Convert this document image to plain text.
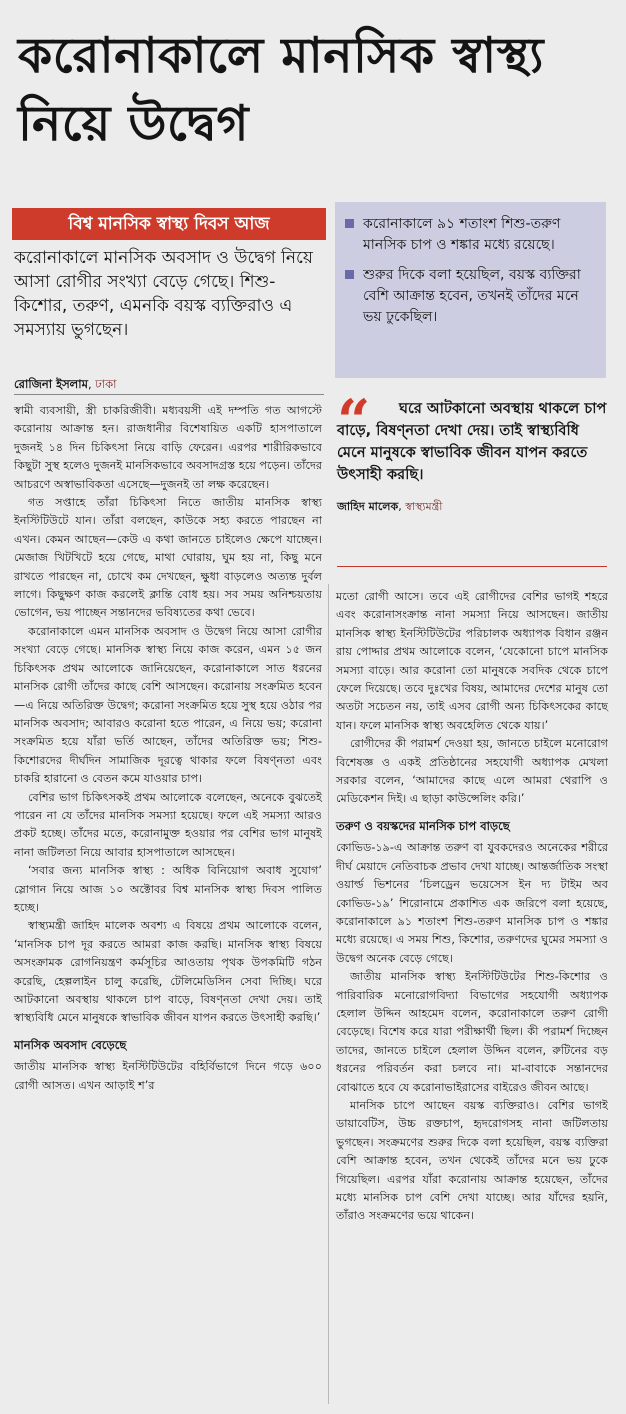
করোনাকালে মানসিক স্বাস্থ্য নিয়ে উদ্বেগ
বিশ্ব মানসিক স্বাস্থ্য দিবস আজ

করোনাকালে মানসিক অবসাদ ও উদ্বেগ নিয়ে আসা রোগীর সংখ্যা বেড়ে গেছে। শিশু-কিশোর, তরুণ, এমনকি বয়স্ক ব্যক্তিরাও এ সমস্যায় ভুগছেন।

রোজিনা ইসলাম, ঢাকা
করোনাকালে ৯১ শতাংশ শিশু-তরুণ মানসিক চাপ ও শঙ্কার মধ্যে রয়েছে।
শুরুর দিকে বলা হয়েছিল, বয়স্ক ব্যক্তিরা বেশি আক্রান্ত হবেন, তখনই তাঁদের মনে ভয় ঢুকেছিল।
“	ঘরে আটকানো অবস্থায় থাকলে চাপ বাড়ে, বিষণ্নতা দেখা দেয়। তাই স্বাস্থ্যবিধি মেনে মানুষকে স্বাভাবিক জীবন যাপন করতে উৎসাহী করছি।

জাহিদ মালেক, স্বাস্থ্যমন্ত্রী

স্বামী ব্যবসায়ী, স্ত্রী চাকরিজীবী। মধ্যবয়সী এই দম্পতি গত আগস্টে করোনায় আক্রান্ত হন। রাজধানীর বিশেষায়িত একটি হাসপাতালে দুজনই ১৪ দিন চিকিৎসা নিয়ে বাড়ি ফেরেন। এরপর শারীরিকভাবে কিছুটা সুস্থ হলেও দুজনই মানসিকভাবে অবসাদগ্রস্ত হয়ে পড়েন। তাঁদের আচরণে অস্বাভাবিকতা এসেছে—দুজনই তা লক্ষ করেছেন।

গত সপ্তাহে তাঁরা চিকিৎসা নিতে জাতীয় মানসিক স্বাস্থ্য ইনস্টিটিউটে যান। তাঁরা বলছেন, কাউকে সহ্য করতে পারছেন না এখন। কেমন আছেন—কেউ এ কথা জানতে চাইলেও ক্ষেপে যাচ্ছেন। মেজাজ খিটখিটে হয়ে গেছে, মাথা ঘোরায়, ঘুম হয় না, কিছু মনে রাখতে পারছেন না, চোখে কম দেখছেন, ক্ষুধা বাড়লেও অত্যন্ত দুর্বল লাগে। কিছুক্ষণ কাজ করলেই ক্লান্তি বোধ হয়। সব সময় অনিশ্চয়তায় ভোগেন, ভয় পাচ্ছেন সন্তানদের ভবিষ্যতের কথা ভেবে।

করোনাকালে এমন মানসিক অবসাদ ও উদ্বেগ নিয়ে আসা রোগীর সংখ্যা বেড়ে গেছে। মানসিক স্বাস্থ্য নিয়ে কাজ করেন, এমন ১৫ জন চিকিৎসক প্রথম আলোকে জানিয়েছেন, করোনাকালে সাত ধরনের মানসিক রোগী তাঁদের কাছে বেশি আসছেন। করোনায় সংক্রমিত হবেন—এ নিয়ে অতিরিক্ত উদ্বেগ; করোনা সংক্রমিত হয়ে সুস্থ হয়ে ওঠার পর মানসিক অবসাদ; আবারও করোনা হতে পারেন, এ নিয়ে ভয়; করোনা সংক্রমিত হয়ে যাঁরা ভর্তি আছেন, তাঁদের অতিরিক্ত ভয়; শিশু-কিশোরদের দীর্ঘদিন সামাজিক দূরত্বে থাকার ফলে বিষণ্নতা এবং চাকরি হারানো ও বেতন কমে যাওয়ার চাপ।

বেশির ভাগ চিকিৎসকই প্রথম আলোকে বলেছেন, অনেকে বুঝতেই পারেন না যে তাঁদের মানসিক সমস্যা হয়েছে। ফলে এই সমস্যা আরও প্রকট হচ্ছে। তাঁদের মতে, করোনামুক্ত হওয়ার পর বেশির ভাগ মানুষই নানা জটিলতা নিয়ে আবার হাসপাতালে আসছেন।

‘সবার জন্য মানসিক স্বাস্থ্য : অধিক বিনিয়োগ অবাধ সুযোগ’ স্লোগান নিয়ে আজ ১০ অক্টোবর বিশ্ব মানসিক স্বাস্থ্য দিবস পালিত হচ্ছে।

স্বাস্থ্যমন্ত্রী জাহিদ মালেক অবশ্য এ বিষয়ে প্রথম আলোকে বলেন, ‘মানসিক চাপ দূর করতে আমরা কাজ করছি। মানসিক স্বাস্থ্য বিষয়ে অসংক্রামক রোগনিয়ন্ত্রণ কর্মসূচির আওতায় পৃথক উপকমিটি গঠন করেছি, হেল্পলাইন চালু করেছি, টেলিমেডিসিন সেবা দিচ্ছি। ঘরে আটকানো অবস্থায় থাকলে চাপ বাড়ে, বিষণ্নতা দেখা দেয়। তাই স্বাস্থ্যবিধি মেনে মানুষকে স্বাভাবিক জীবন যাপন করতে উৎসাহী করছি।’

মানসিক অবসাদ বেড়েছে

জাতীয় মানসিক স্বাস্থ্য ইনস্টিটিউটের বহির্বিভাগে দিনে গড়ে ৬০০ রোগী আসত। এখন আড়াই শ’র

মতো রোগী আসে। তবে এই রোগীদের বেশির ভাগই শহরে এবং করোনাসংক্রান্ত নানা সমস্যা নিয়ে আসছেন। জাতীয় মানসিক স্বাস্থ্য ইনস্টিটিউটের পরিচালক অধ্যাপক বিধান রঞ্জন রায় পোদ্দার প্রথম আলোকে বলেন, ‘যেকোনো চাপে মানসিক সমস্যা বাড়ে। আর করোনা তো মানুষকে সবদিক থেকে চাপে ফেলে দিয়েছে। তবে দুঃখের বিষয়, আমাদের দেশের মানুষ তো অতটা সচেতন নয়, তাই এসব রোগী অন্য চিকিৎসকের কাছে যান। ফলে মানসিক স্বাস্থ্য অবহেলিত থেকে যায়।’

রোগীদের কী পরামর্শ দেওয়া হয়, জানতে চাইলে মনোরোগ বিশেষজ্ঞ ও একই প্রতিষ্ঠানের সহযোগী অধ্যাপক মেখলা সরকার বলেন, ‘আমাদের কাছে এলে আমরা থেরাপি ও মেডিকেশন দিই। এ ছাড়া কাউন্সেলিং করি।’

তরুণ ও বয়স্কদের মানসিক চাপ বাড়ছে

কোভিড-১৯-এ আক্রান্ত তরুণ বা যুবকদেরও অনেকের শরীরে দীর্ঘ মেয়াদে নেতিবাচক প্রভাব দেখা যাচ্ছে। আন্তর্জাতিক সংস্থা ওয়ার্ল্ড ভিশনের ‘চিলড্রেন ভয়েসেস ইন দ্য টাইম অব কোভিড-১৯’ শিরোনামে প্রকাশিত এক জরিপে বলা হয়েছে, করোনাকালে ৯১ শতাংশ শিশু-তরুণ মানসিক চাপ ও শঙ্কার মধ্যে রয়েছে। এ সময় শিশু, কিশোর, তরুণদের ঘুমের সমস্যা ও উদ্বেগ অনেক বেড়ে গেছে।

জাতীয় মানসিক স্বাস্থ্য ইনস্টিটিউটের শিশু-কিশোর ও পারিবারিক মনোরোগবিদ্যা বিভাগের সহযোগী অধ্যাপক হেলাল উদ্দিন আহমেদ বলেন, করোনাকালে তরুণ রোগী বেড়েছে। বিশেষ করে যারা পরীক্ষার্থী ছিল। কী পরামর্শ দিচ্ছেন তাদের, জানতে চাইলে হেলাল উদ্দিন বলেন, রুটিনের বড় ধরনের পরিবর্তন করা চলবে না। মা-বাবাকে সন্তানদের বোঝাতে হবে যে করোনাভাইরাসের বাইরেও জীবন আছে।

মানসিক চাপে আছেন বয়স্ক ব্যক্তিরাও। বেশির ভাগই ডায়াবেটিস, উচ্চ রক্তচাপ, হৃদরোগসহ নানা জটিলতায় ভুগছেন। সংক্রমণের শুরুর দিকে বলা হয়েছিল, বয়স্ক ব্যক্তিরা বেশি আক্রান্ত হবেন, তখন থেকেই তাঁদের মনে ভয় ঢুকে গিয়েছিল। এরপর যাঁরা করোনায় আক্রান্ত হয়েছেন, তাঁদের মধ্যে মানসিক চাপ বেশি দেখা যাচ্ছে। আর যাঁদের হয়নি, তাঁরাও সংক্রমণের ভয়ে থাকেন।
